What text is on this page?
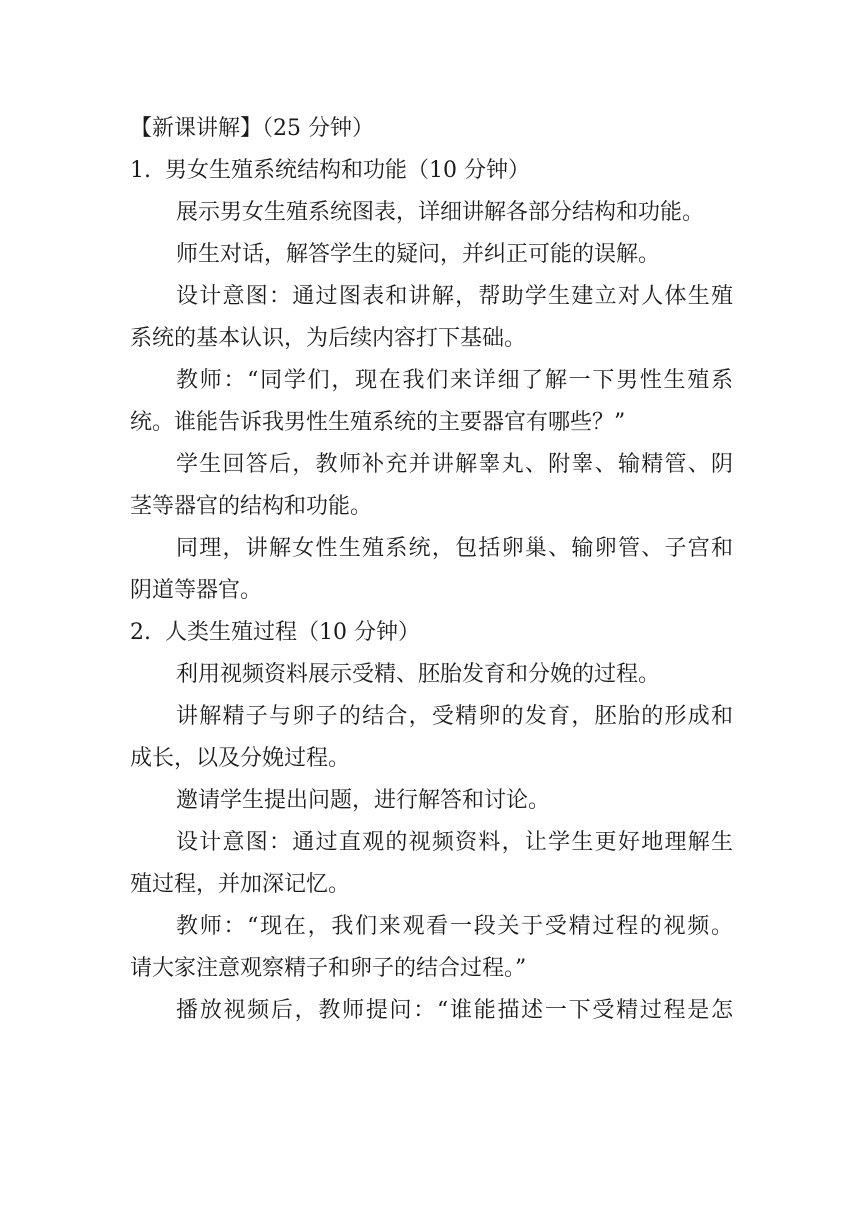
【新课讲解】（25 分钟）

1.  男女生殖系统结构和功能（10 分钟）

展示男女生殖系统图表，详细讲解各部分结构和功能。

师生对话，解答学生的疑问，并纠正可能的误解。

设计意图：通过图表和讲解，帮助学生建立对人体生殖

系统的基本认识，为后续内容打下基础。

教师：“同学们，现在我们来详细了解一下男性生殖系

统。谁能告诉我男性生殖系统的主要器官有哪些？”

学生回答后，教师补充并讲解睾丸、附睾、输精管、阴

茎等器官的结构和功能。

同理，讲解女性生殖系统，包括卵巢、输卵管、子宫和

阴道等器官。

2.  人类生殖过程（10 分钟）

利用视频资料展示受精、胚胎发育和分娩的过程。

讲解精子与卵子的结合，受精卵的发育，胚胎的形成和

成长，以及分娩过程。

邀请学生提出问题，进行解答和讨论。

设计意图：通过直观的视频资料，让学生更好地理解生

殖过程，并加深记忆。

教师：“现在，我们来观看一段关于受精过程的视频。

请大家注意观察精子和卵子的结合过程。”

播放视频后，教师提问：“谁能描述一下受精过程是怎
